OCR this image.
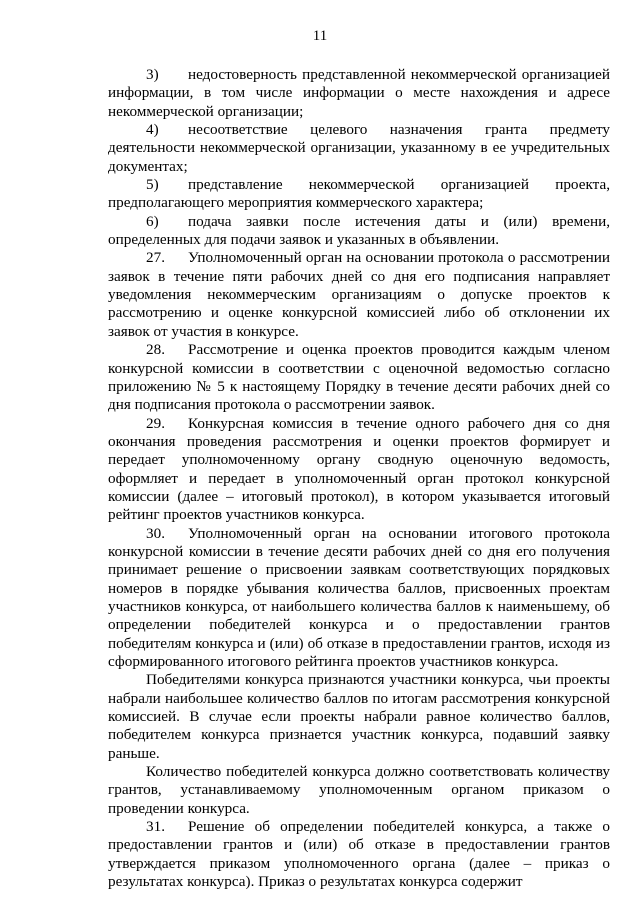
11

3) недостоверность представленной некоммерческой организацией информации, в том числе информации о месте нахождения и адресе некоммерческой организации;

4) несоответствие целевого назначения гранта предмету деятельности некоммерческой организации, указанному в ее учредительных документах;

5) представление некоммерческой организацией проекта, предполагающего мероприятия коммерческого характера;

6) подача заявки после истечения даты и (или) времени, определенных для подачи заявок и указанных в объявлении.

27. Уполномоченный орган на основании протокола о рассмотрении заявок в течение пяти рабочих дней со дня его подписания направляет уведомления некоммерческим организациям о допуске проектов к рассмотрению и оценке конкурсной комиссией либо об отклонении их заявок от участия в конкурсе.

28. Рассмотрение и оценка проектов проводится каждым членом конкурсной комиссии в соответствии с оценочной ведомостью согласно приложению № 5 к настоящему Порядку в течение десяти рабочих дней со дня подписания протокола о рассмотрении заявок.

29. Конкурсная комиссия в течение одного рабочего дня со дня окончания проведения рассмотрения и оценки проектов формирует и передает уполномоченному органу сводную оценочную ведомость, оформляет и передает в уполномоченный орган протокол конкурсной комиссии (далее – итоговый протокол), в котором указывается итоговый рейтинг проектов участников конкурса.

30. Уполномоченный орган на основании итогового протокола конкурсной комиссии в течение десяти рабочих дней со дня его получения принимает решение о присвоении заявкам соответствующих порядковых номеров в порядке убывания количества баллов, присвоенных проектам участников конкурса, от наибольшего количества баллов к наименьшему, об определении победителей конкурса и о предоставлении грантов победителям конкурса и (или) об отказе в предоставлении грантов, исходя из сформированного итогового рейтинга проектов участников конкурса.

Победителями конкурса признаются участники конкурса, чьи проекты набрали наибольшее количество баллов по итогам рассмотрения конкурсной комиссией. В случае если проекты набрали равное количество баллов, победителем конкурса признается участник конкурса, подавший заявку раньше.

Количество победителей конкурса должно соответствовать количеству грантов, устанавливаемому уполномоченным органом приказом о проведении конкурса.

31. Решение об определении победителей конкурса, а также о предоставлении грантов и (или) об отказе в предоставлении грантов утверждается приказом уполномоченного органа (далее – приказ о результатах конкурса). Приказ о результатах конкурса содержит
